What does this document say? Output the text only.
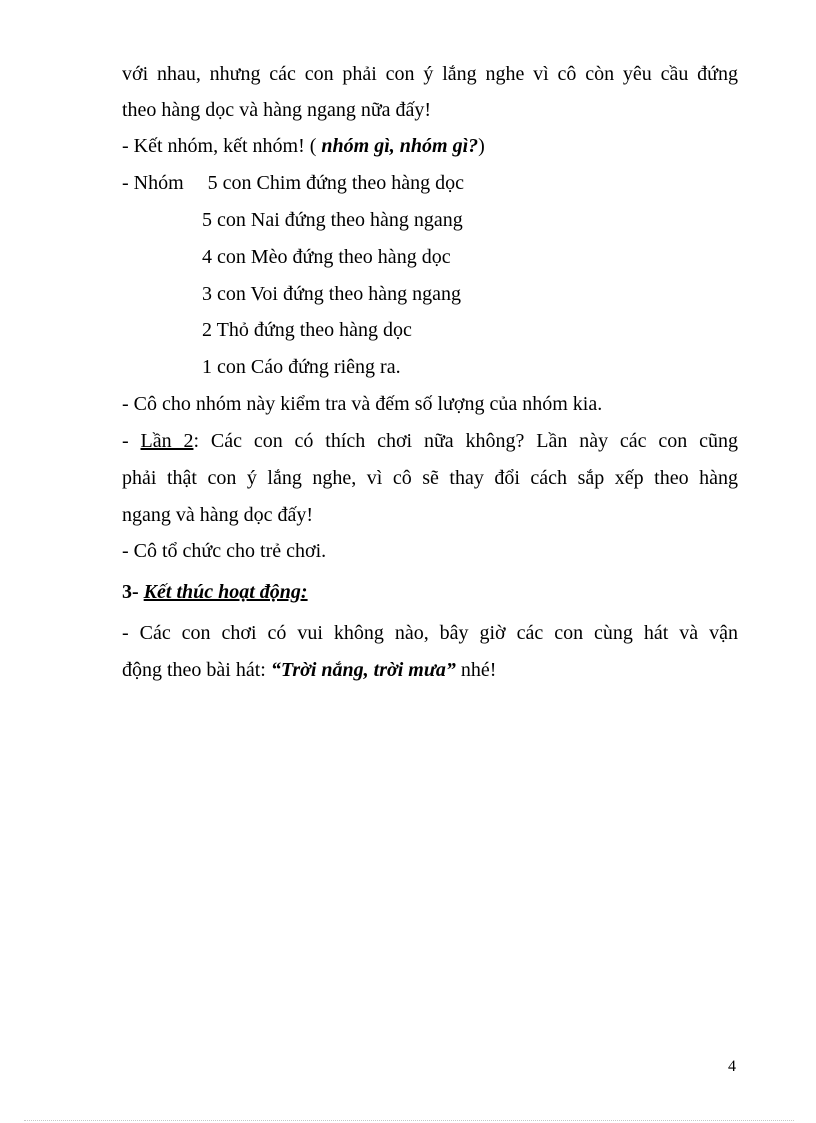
với nhau, nhưng các con phải con ý lắng nghe vì cô còn yêu cầu đứng
theo hàng dọc và hàng ngang nữa đấy!
- Kết nhóm, kết nhóm! ( nhóm gì, nhóm gì?)
- Nhóm 5 con Chim đứng theo hàng dọc
5 con Nai đứng theo hàng ngang
4 con Mèo đứng theo hàng dọc
3 con Voi đứng theo hàng ngang
2 Thỏ đứng theo hàng dọc
1 con Cáo đứng riêng ra.
- Cô cho nhóm này kiểm tra và đếm số lượng của nhóm kia.
- Lần 2: Các con có thích chơi nữa không? Lần này các con cũng
phải thật con ý lắng nghe, vì cô sẽ thay đổi cách sắp xếp theo hàng
ngang và hàng dọc đấy!
- Cô tổ chức cho trẻ chơi.
3- Kết thúc hoạt động:
- Các con chơi có vui không nào, bây giờ các con cùng hát và vận
động theo bài hát: “Trời nắng, trời mưa” nhé!
4
